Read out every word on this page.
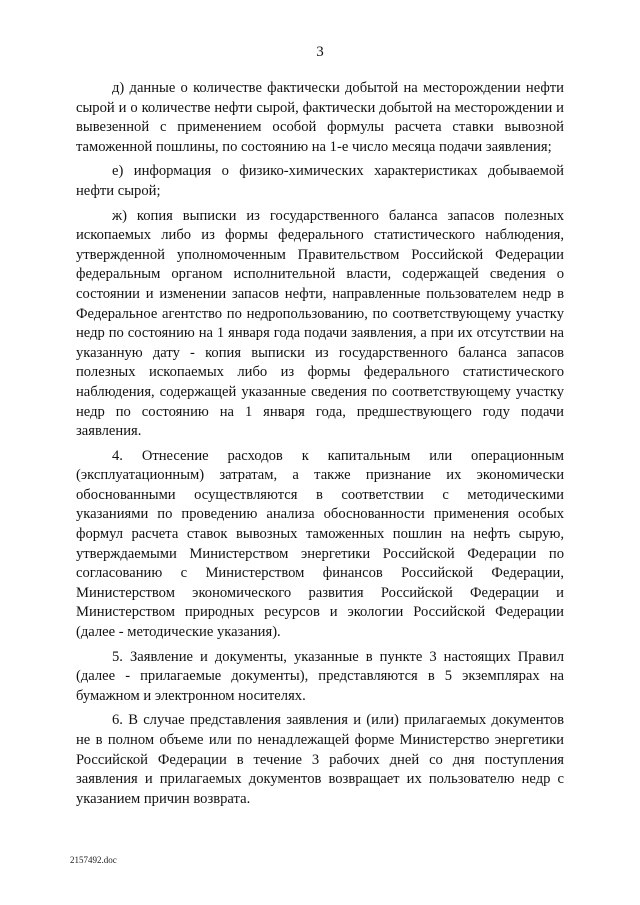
3

д) данные о количестве фактически добытой на месторождении нефти сырой и о количестве нефти сырой, фактически добытой на месторождении и вывезенной с применением особой формулы расчета ставки вывозной таможенной пошлины, по состоянию на 1-е число месяца подачи заявления;

е) информация о физико-химических характеристиках добываемой нефти сырой;

ж) копия выписки из государственного баланса запасов полезных ископаемых либо из формы федерального статистического наблюдения, утвержденной уполномоченным Правительством Российской Федерации федеральным органом исполнительной власти, содержащей сведения о состоянии и изменении запасов нефти, направленные пользователем недр в Федеральное агентство по недропользованию, по соответствующему участку недр по состоянию на 1 января года подачи заявления, а при их отсутствии на указанную дату - копия выписки из государственного баланса запасов полезных ископаемых либо из формы федерального статистического наблюдения, содержащей указанные сведения по соответствующему участку недр по состоянию на 1 января года, предшествующего году подачи заявления.

4. Отнесение расходов к капитальным или операционным (эксплуатационным) затратам, а также признание их экономически обоснованными осуществляются в соответствии с методическими указаниями по проведению анализа обоснованности применения особых формул расчета ставок вывозных таможенных пошлин на нефть сырую, утверждаемыми Министерством энергетики Российской Федерации по согласованию с Министерством финансов Российской Федерации, Министерством экономического развития Российской Федерации и Министерством природных ресурсов и экологии Российской Федерации (далее - методические указания).

5. Заявление и документы, указанные в пункте 3 настоящих Правил (далее - прилагаемые документы), представляются в 5 экземплярах на бумажном и электронном носителях.

6. В случае представления заявления и (или) прилагаемых документов не в полном объеме или по ненадлежащей форме Министерство энергетики Российской Федерации в течение 3 рабочих дней со дня поступления заявления и прилагаемых документов возвращает их пользователю недр с указанием причин возврата.

2157492.doc
